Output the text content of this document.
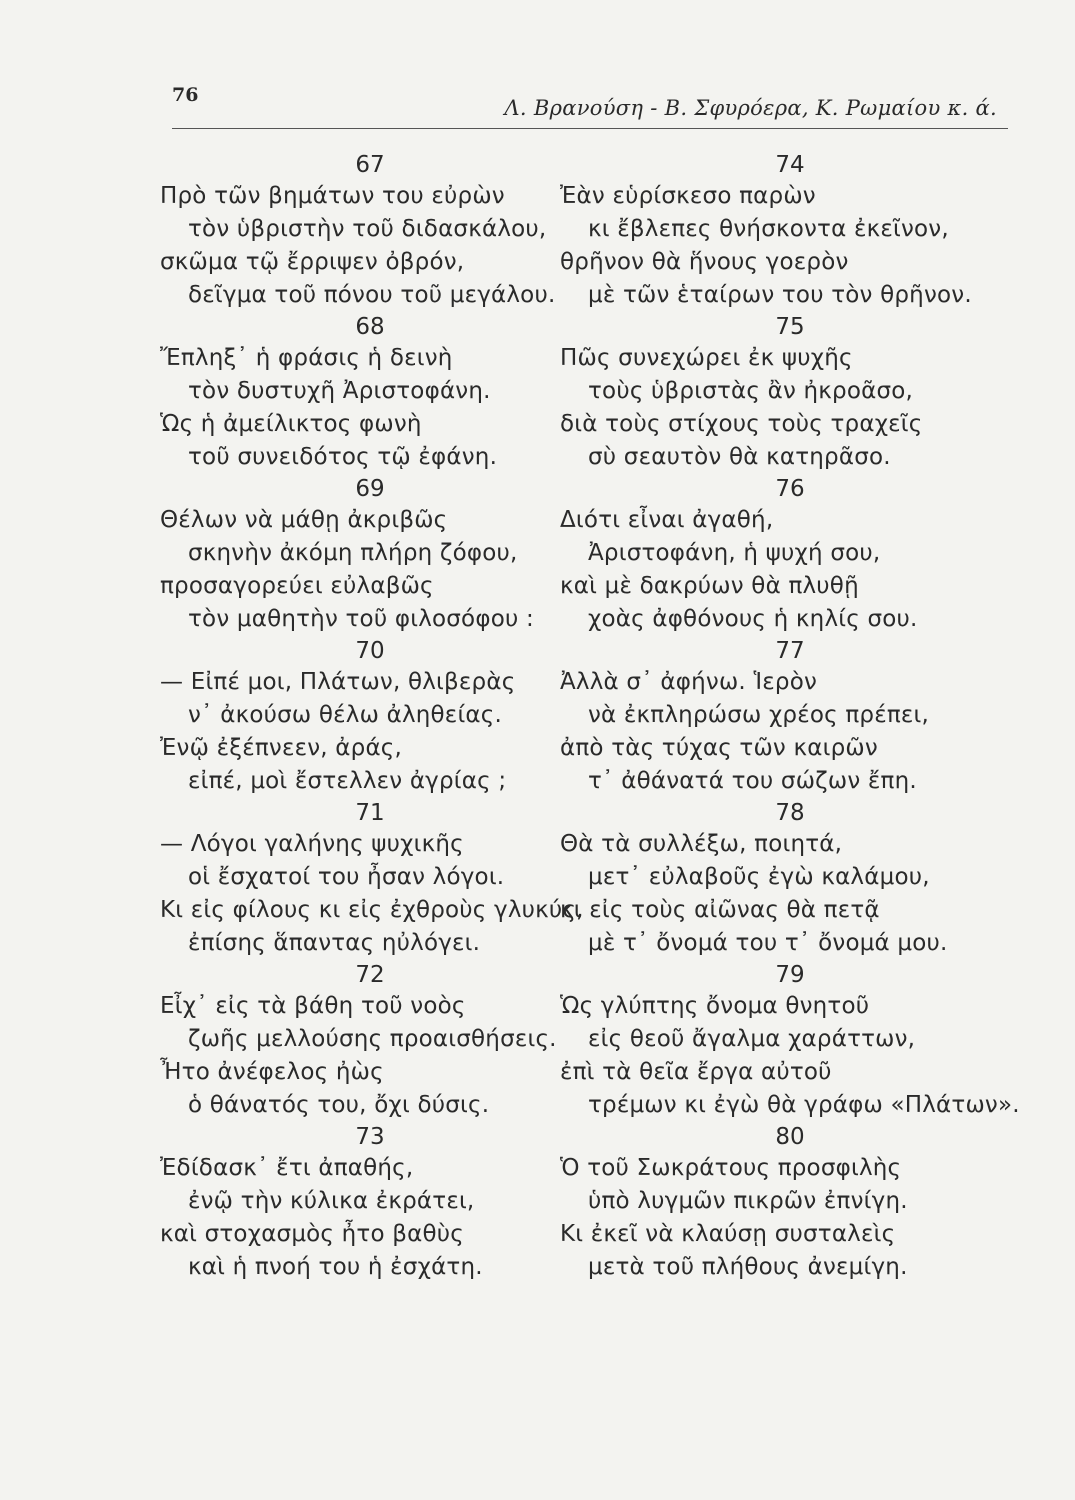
76
Λ. Βρανούση - Β. Σφυρόερα, Κ. Ρωμαίου κ. ά.
67
Πρὸ τῶν βημάτων του εὐρὼν
τὸν ὑβριστὴν τοῦ διδασκάλου,
σκῶμα τῷ ἔρριψεν ὀβρόν,
δεῖγμα τοῦ πόνου τοῦ μεγάλου.
68
Ἔπληξ᾽ ἡ φράσις ἡ δεινὴ
τὸν δυστυχῆ Ἀριστοφάνη.
Ὡς ἡ ἀμείλικτος φωνὴ
τοῦ συνειδότος τῷ ἐφάνη.
69
Θέλων νὰ μάθῃ ἀκριβῶς
σκηνὴν ἀκόμη πλήρη ζόφου,
προσαγορεύει εὐλαβῶς
τὸν μαθητὴν τοῦ φιλοσόφου :
70
— Εἰπέ μοι, Πλάτων, θλιβερὰς
ν᾽ ἀκούσω θέλω ἀληθείας.
Ἐνῷ ἐξέπνεεν, ἀράς,
εἰπέ, μοὶ ἔστελλεν ἀγρίας ;
71
— Λόγοι γαλήνης ψυχικῆς
οἱ ἔσχατοί του ἦσαν λόγοι.
Κι εἰς φίλους κι εἰς ἐχθροὺς γλυκύς,
ἐπίσης ἅπαντας ηὐλόγει.
72
Εἶχ᾽ εἰς τὰ βάθη τοῦ νοὸς
ζωῆς μελλούσης προαισθήσεις.
Ἦτο ἀνέφελος ἠὼς
ὁ θάνατός του, ὄχι δύσις.
73
Ἐδίδασκ᾽ ἔτι ἀπαθής,
ἐνῷ τὴν κύλικα ἐκράτει,
καὶ στοχασμὸς ἦτο βαθὺς
καὶ ἡ πνοή του ἡ ἐσχάτη.
74
Ἐὰν εὑρίσκεσο παρὼν
κι ἔβλεπες θνήσκοντα ἐκεῖνον,
θρῆνον θὰ ἥνους γοερὸν
μὲ τῶν ἑταίρων του τὸν θρῆνον.
75
Πῶς συνεχώρει ἐκ ψυχῆς
τοὺς ὑβριστὰς ἂν ἠκροᾶσο,
διὰ τοὺς στίχους τοὺς τραχεῖς
σὺ σεαυτὸν θὰ κατηρᾶσο.
76
Διότι εἶναι ἀγαθή,
Ἀριστοφάνη, ἡ ψυχή σου,
καὶ μὲ δακρύων θὰ πλυθῇ
χοὰς ἀφθόνους ἡ κηλίς σου.
77
Ἀλλὰ σ᾽ ἀφήνω. Ἱερὸν
νὰ ἐκπληρώσω χρέος πρέπει,
ἀπὸ τὰς τύχας τῶν καιρῶν
τ᾽ ἀθάνατά του σώζων ἔπη.
78
Θὰ τὰ συλλέξω, ποιητά,
μετ᾽ εὐλαβοῦς ἐγὼ καλάμου,
κι εἰς τοὺς αἰῶνας θὰ πετᾷ
μὲ τ᾽ ὄνομά του τ᾽ ὄνομά μου.
79
Ὡς γλύπτης ὄνομα θνητοῦ
εἰς θεοῦ ἄγαλμα χαράττων,
ἐπὶ τὰ θεῖα ἔργα αὐτοῦ
τρέμων κι ἐγὼ θὰ γράφω «Πλάτων».
80
Ὁ τοῦ Σωκράτους προσφιλὴς
ὑπὸ λυγμῶν πικρῶν ἐπνίγη.
Κι ἐκεῖ νὰ κλαύσῃ συσταλεὶς
μετὰ τοῦ πλήθους ἀνεμίγη.
